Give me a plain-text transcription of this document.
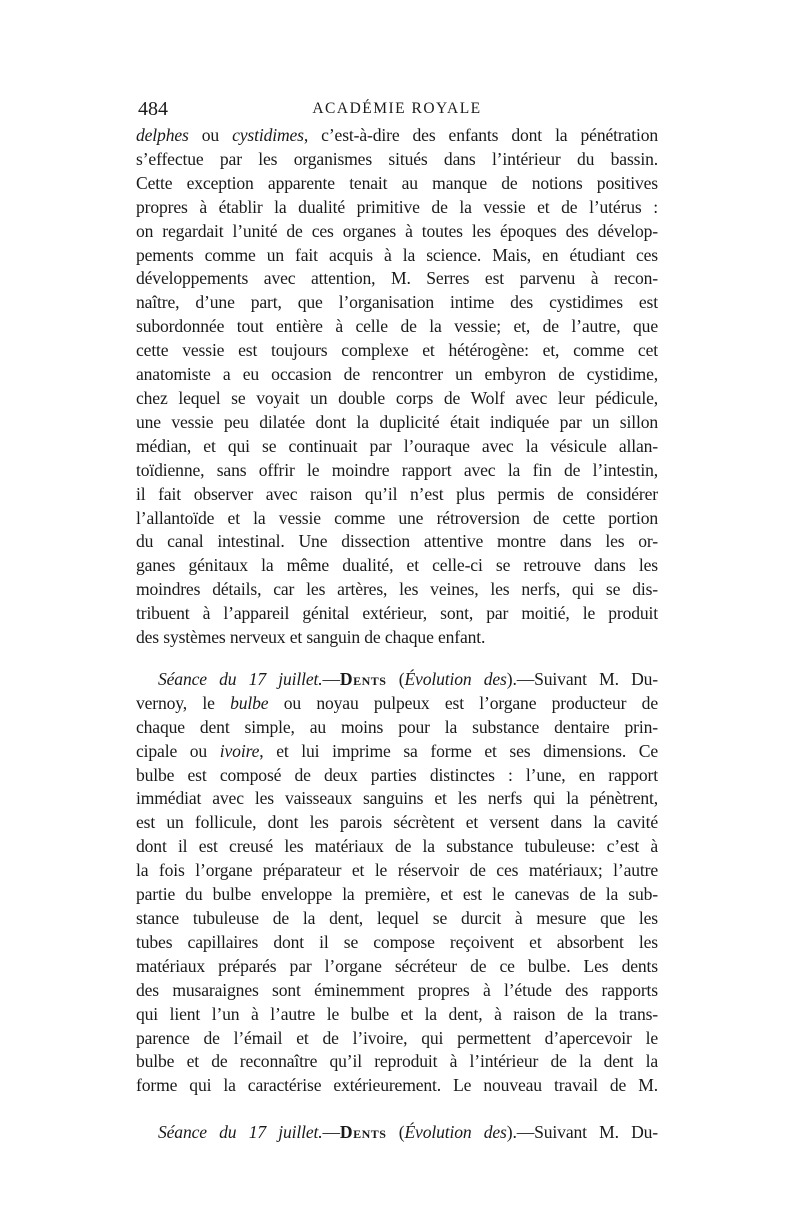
484	ACADÉMIE ROYALE
delphes ou cystidimes, c’est-à-dire des enfants dont la pénétration
s’effectue par les organismes situés dans l’intérieur du bassin.
Cette exception apparente tenait au manque de notions positives
propres à établir la dualité primitive de la vessie et de l’utérus :
on regardait l’unité de ces organes à toutes les époques des dévelop-
pements comme un fait acquis à la science. Mais, en étudiant ces
développements avec attention, M. Serres est parvenu à recon-
naître, d’une part, que l’organisation intime des cystidimes est
subordonnée tout entière à celle de la vessie; et, de l’autre, que
cette vessie est toujours complexe et hétérogène: et, comme cet
anatomiste a eu occasion de rencontrer un embyron de cystidime,
chez lequel se voyait un double corps de Wolf avec leur pédicule,
une vessie peu dilatée dont la duplicité était indiquée par un sillon
médian, et qui se continuait par l’ouraque avec la vésicule allan-
toïdienne, sans offrir le moindre rapport avec la fin de l’intestin,
il fait observer avec raison qu’il n’est plus permis de considérer
l’allantoïde et la vessie comme une rétroversion de cette portion
du canal intestinal. Une dissection attentive montre dans les or-
ganes génitaux la même dualité, et celle-ci se retrouve dans les
moindres détails, car les artères, les veines, les nerfs, qui se dis-
tribuent à l’appareil génital extérieur, sont, par moitié, le produit
des systèmes nerveux et sanguin de chaque enfant.
Séance du 17 juillet.—Dents (Évolution des).—Suivant M. Du-
vernoy, le bulbe ou noyau pulpeux est l’organe producteur de
chaque dent simple, au moins pour la substance dentaire prin-
cipale ou ivoire, et lui imprime sa forme et ses dimensions. Ce
bulbe est composé de deux parties distinctes : l’une, en rapport
immédiat avec les vaisseaux sanguins et les nerfs qui la pénètrent,
est un follicule, dont les parois sécrètent et versent dans la cavité
dont il est creusé les matériaux de la substance tubuleuse: c’est à
la fois l’organe préparateur et le réservoir de ces matériaux; l’autre
partie du bulbe enveloppe la première, et est le canevas de la sub-
stance tubuleuse de la dent, lequel se durcit à mesure que les
tubes capillaires dont il se compose reçoivent et absorbent les
matériaux préparés par l’organe sécréteur de ce bulbe. Les dents
des musaraignes sont éminemment propres à l’étude des rapports
qui lient l’un à l’autre le bulbe et la dent, à raison de la trans-
parence de l’émail et de l’ivoire, qui permettent d’apercevoir le
bulbe et de reconnaître qu’il reproduit à l’intérieur de la dent la
forme qui la caractérise extérieurement. Le nouveau travail de M.
Séance du 17 juillet.—Dents (Évolution des).—Suivant M. Du-
